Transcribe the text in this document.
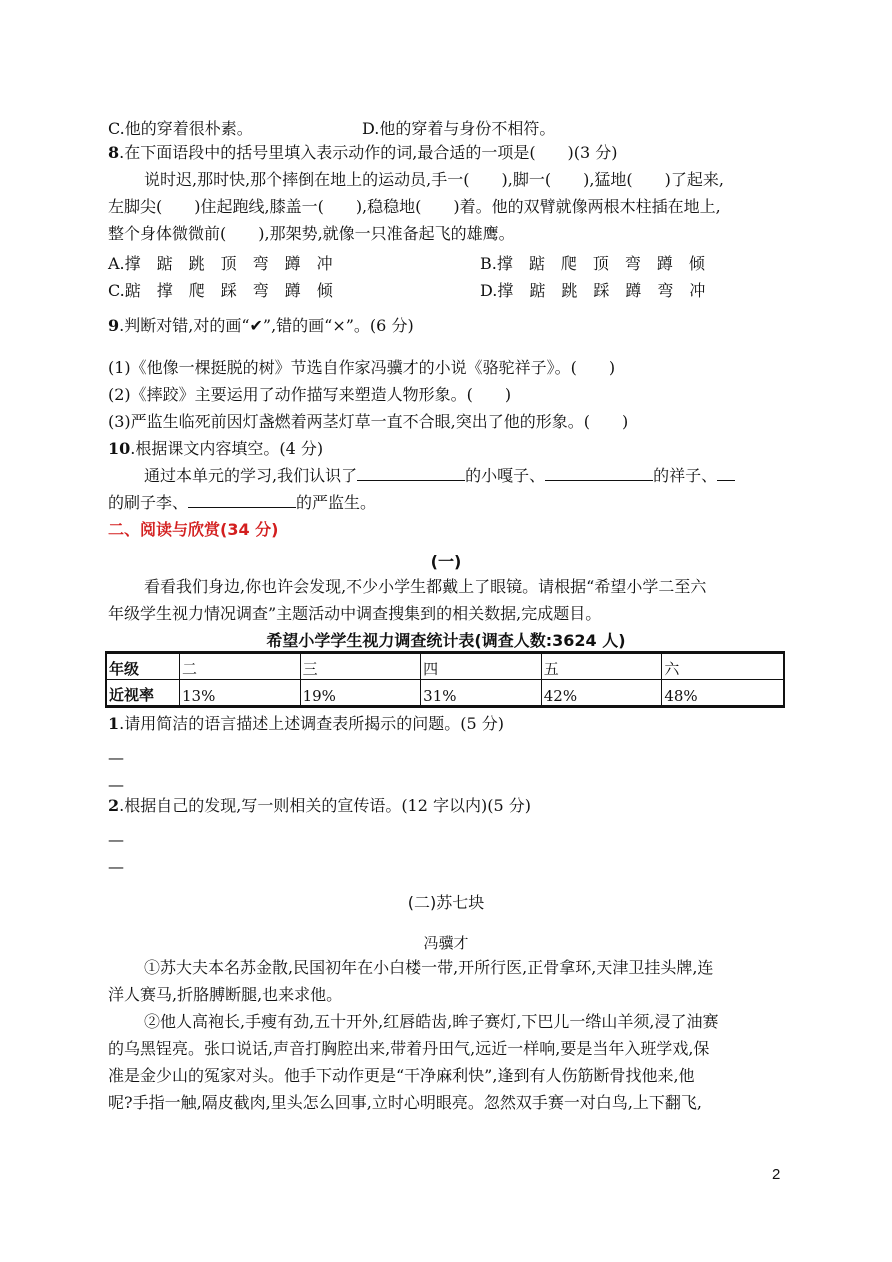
C.他的穿着很朴素。	D.他的穿着与身份不相符。
8.在下面语段中的括号里填入表示动作的词,最合适的一项是(　　)(3 分)
说时迟,那时快,那个摔倒在地上的运动员,手一(　　),脚一(　　),猛地(　　)了起来,
左脚尖(　　)住起跑线,膝盖一(　　),稳稳地(　　)着。他的双臂就像两根木柱插在地上,
整个身体微微前(　　),那架势,就像一只准备起飞的雄鹰。
A.撑　踮　跳　顶　弯　蹲　冲	B.撑　踮　爬　顶　弯　蹲　倾
C.踮　撑　爬　踩　弯　蹲　倾	D.撑　踮　跳　踩　蹲　弯　冲
9.判断对错,对的画“✔”,错的画“×”。(6 分)
(1)《他像一棵挺脱的树》节选自作家冯骥才的小说《骆驼祥子》。(　　)
(2)《摔跤》主要运用了动作描写来塑造人物形象。(　　)
(3)严监生临死前因灯盏燃着两茎灯草一直不合眼,突出了他的形象。(　　)
10.根据课文内容填空。(4 分)
通过本单元的学习,我们认识了	的小嘎子、	的祥子、
的刷子李、	的严监生。
二、阅读与欣赏(34 分)
(一)
看看我们身边,你也许会发现,不少小学生都戴上了眼镜。请根据“希望小学二至六
年级学生视力情况调查”主题活动中调查搜集到的相关数据,完成题目。
希望小学学生视力调查统计表(调查人数:3624 人)
年级	二	三	四	五	六
近视率	13%	19%	31%	42%	48%
1.请用简洁的语言描述上述调查表所揭示的问题。(5 分)
—
—
2.根据自己的发现,写一则相关的宣传语。(12 字以内)(5 分)
—
—
(二)苏七块
冯骥才
①苏大夫本名苏金散,民国初年在小白楼一带,开所行医,正骨拿环,天津卫挂头牌,连
洋人赛马,折胳膊断腿,也来求他。
②他人高袍长,手瘦有劲,五十开外,红唇皓齿,眸子赛灯,下巴儿一绺山羊须,浸了油赛
的乌黑锃亮。张口说话,声音打胸腔出来,带着丹田气,远近一样响,要是当年入班学戏,保
准是金少山的冤家对头。他手下动作更是“干净麻利快”,逢到有人伤筋断骨找他来,他
呢?手指一触,隔皮截肉,里头怎么回事,立时心明眼亮。忽然双手赛一对白鸟,上下翻飞,
2
